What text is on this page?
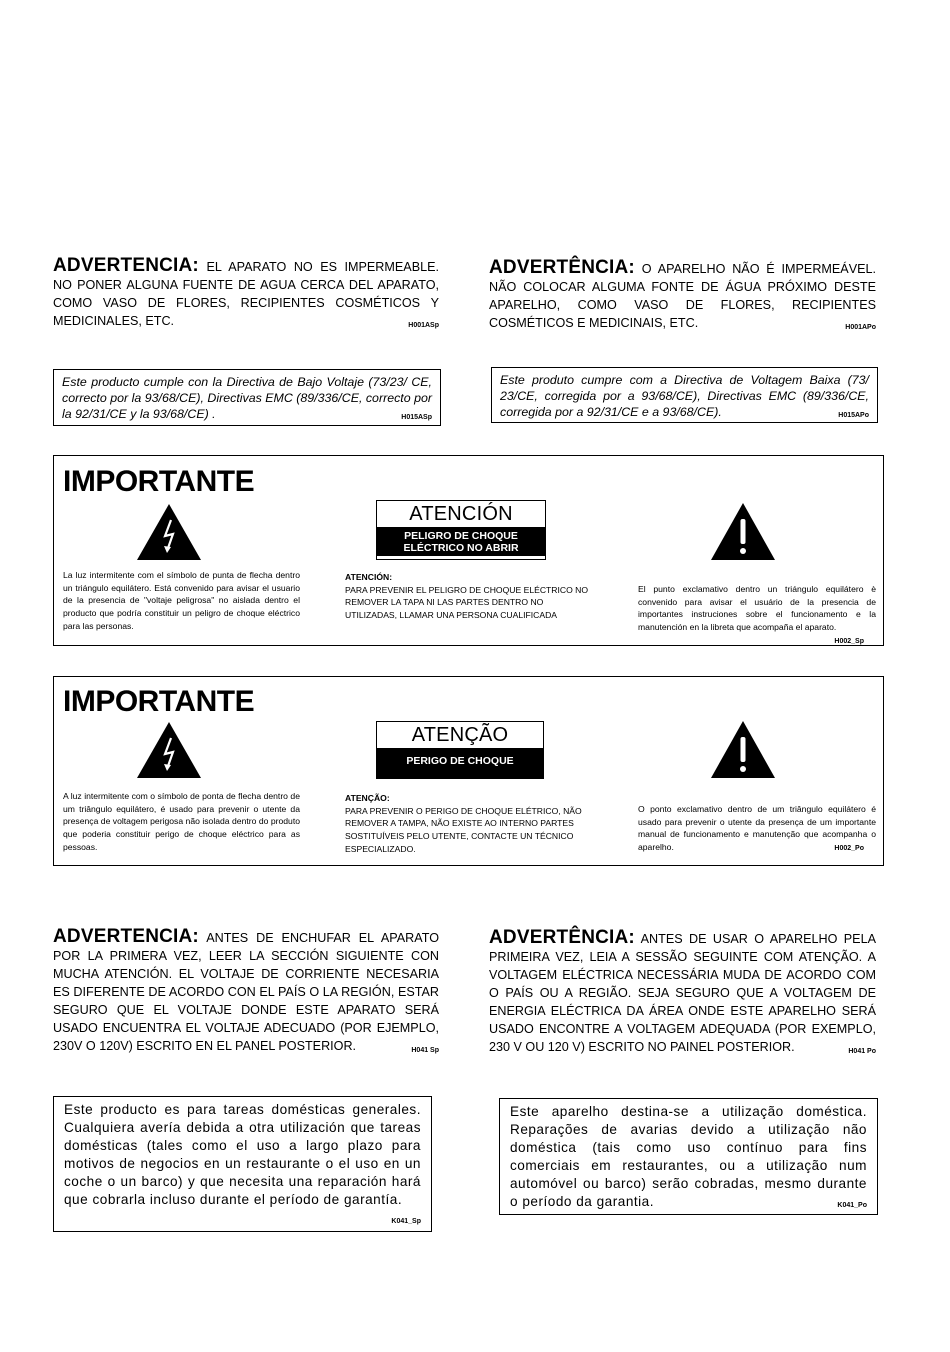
ADVERTENCIA: EL APARATO NO ES IMPERMEABLE. NO PONER ALGUNA FUENTE DE AGUA CERCA DEL APARATO, COMO VASO DE FLORES, RECIPIENTES COSMÉTICOS Y MEDICINALES, ETC.	H001ASp
ADVERTÊNCIA: O APARELHO NÃO É IMPERMEÁVEL. NÃO COLOCAR ALGUMA FONTE DE ÁGUA PRÓXIMO DESTE APARELHO, COMO VASO DE FLORES, RECIPIENTES COSMÉTICOS E MEDICINAIS, ETC.	H001APo
Este producto cumple con la Directiva de Bajo Voltaje (73/23/ CE, correcto por la 93/68/CE), Directivas EMC (89/336/CE, correcto por la 92/31/CE y la 93/68/CE) .	H015ASp
Este produto cumpre com a Directiva de Voltagem Baixa (73/ 23/CE, corregida por a 93/68/CE), Directivas EMC (89/336/CE, corregida por a 92/31/CE e a 93/68/CE).	H015APo
IMPORTANTE
ATENCIÓN
PELIGRO DE CHOQUE
ELÉCTRICO NO ABRIR
La luz intermitente com el símbolo de punta de flecha dentro un triángulo equilátero. Está convenido para avisar el usuario de la presencia de "voltaje peligrosa" no aislada dentro el producto que podría constituir un peligro de choque eléctrico para las personas.
ATENCIÓN:
PARA PREVENIR EL PELIGRO DE CHOQUE ELÉCTRICO NO REMOVER LA TAPA NI LAS PARTES DENTRO NO UTILIZADAS, LLAMAR UNA PERSONA CUALIFICADA
El punto exclamativo dentro un triángulo equilátero è convenido para avisar el usuário de la presencia de importantes instruciones sobre el funcionamento e la manutención en la libreta que acompaña el aparato.
H002_Sp
IMPORTANTE
ATENÇÃO
PERIGO DE CHOQUE
A luz intermitente com o símbolo de ponta de flecha dentro de um triângulo equilátero, é usado para prevenir o utente da presença de voltagem perigosa não isolada dentro do produto que poderia constituir perigo de choque eléctrico para as pessoas.
ATENÇÃO:
PARA PREVENIR O PERIGO DE CHOQUE ELÉTRICO, NÃO REMOVER A TAMPA, NÃO EXISTE AO INTERNO PARTES SOSTITUÍVEIS PELO UTENTE, CONTACTE UN TÉCNICO ESPECIALIZADO.
O ponto exclamativo dentro de um triângulo equilátero é usado para prevenir o utente da presença de um importante manual de funcionamento e manutenção que acompanha o aparelho.	H002_Po
ADVERTENCIA: ANTES DE ENCHUFAR EL APARATO POR LA PRIMERA VEZ, LEER LA SECCIÓN SIGUIENTE CON MUCHA ATENCIÓN. EL VOLTAJE DE CORRIENTE NECESARIA ES DIFERENTE DE ACORDO CON EL PAÍS O LA REGIÓN, ESTAR SEGURO QUE EL VOLTAJE DONDE ESTE APARATO SERÁ USADO ENCUENTRA EL VOLTAJE ADECUADO (POR EJEMPLO, 230V O 120V) ESCRITO EN EL PANEL POSTERIOR.	H041 Sp
ADVERTÊNCIA: ANTES DE USAR O APARELHO PELA PRIMEIRA VEZ, LEIA A SESSÃO SEGUINTE COM ATENÇÃO. A VOLTAGEM ELÉCTRICA NECESSÁRIA MUDA DE ACORDO COM O PAÍS OU A REGIÃO. SEJA SEGURO QUE A VOLTAGEM DE ENERGIA ELÉCTRICA DA ÁREA ONDE ESTE APARELHO SERÁ USADO ENCONTRE A VOLTAGEM ADEQUADA (POR EXEMPLO, 230 V OU 120 V) ESCRITO NO PAINEL POSTERIOR.	H041 Po
Este producto es para tareas domésticas generales. Cualquiera avería debida a otra utilización que tareas domésticas (tales como el uso a largo plazo para motivos de negocios en un restaurante o el uso en un coche o un barco) y que necesita una reparación hará que cobrarla incluso durante el período de garantía.
K041_Sp
Este aparelho destina-se a utilização doméstica. Reparações de avarias devido a utilização não doméstica (tais como uso contínuo para fins comerciais em restaurantes, ou a utilização num automóvel ou barco) serão cobradas, mesmo durante o período da garantia.	K041_Po
